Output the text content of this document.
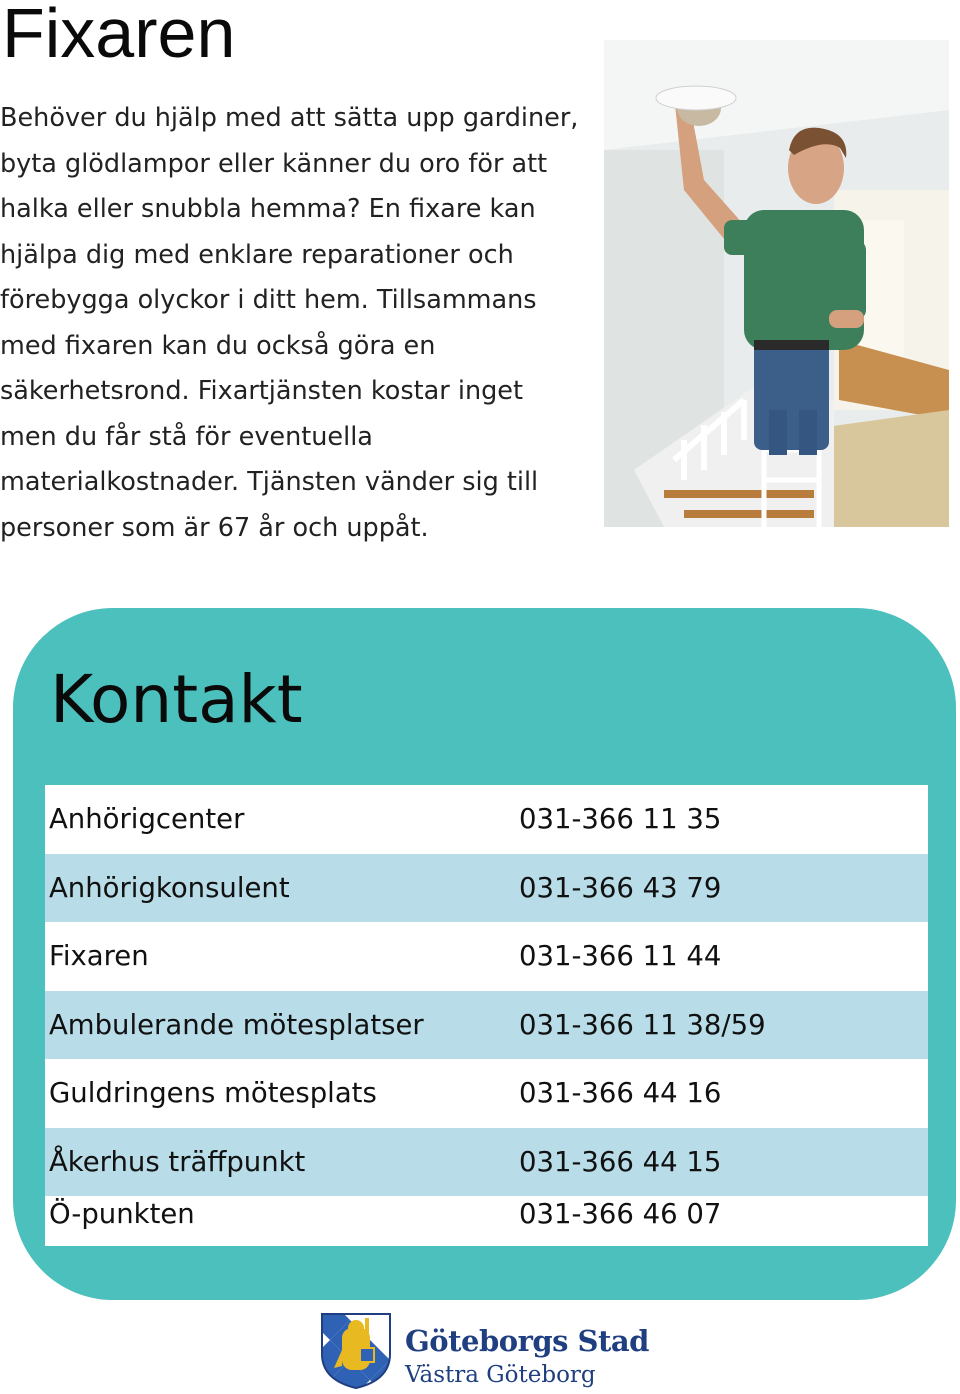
Fixaren

Behöver du hjälp med att sätta upp gardiner, byta glödlampor eller känner du oro för att halka eller snubbla hemma? En fixare kan hjälpa dig med enklare reparationer och förebygga olyckor i ditt hem. Tillsammans med fixaren kan du också göra en säkerhetsrond. Fixartjänsten kostar inget men du får stå för eventuella materialkostnader. Tjänsten vänder sig till personer som är 67 år och uppåt.

Kontakt
Anhörigcenter	031-366 11 35
Anhörigkonsulent	031-366 43 79
Fixaren	031-366 11 44
Ambulerande mötesplatser	031-366 11 38/59
Guldringens mötesplats	031-366 44 16
Åkerhus träffpunkt	031-366 44 15
Ö-punkten	031-366 46 07
Göteborgs Stad
Västra Göteborg
